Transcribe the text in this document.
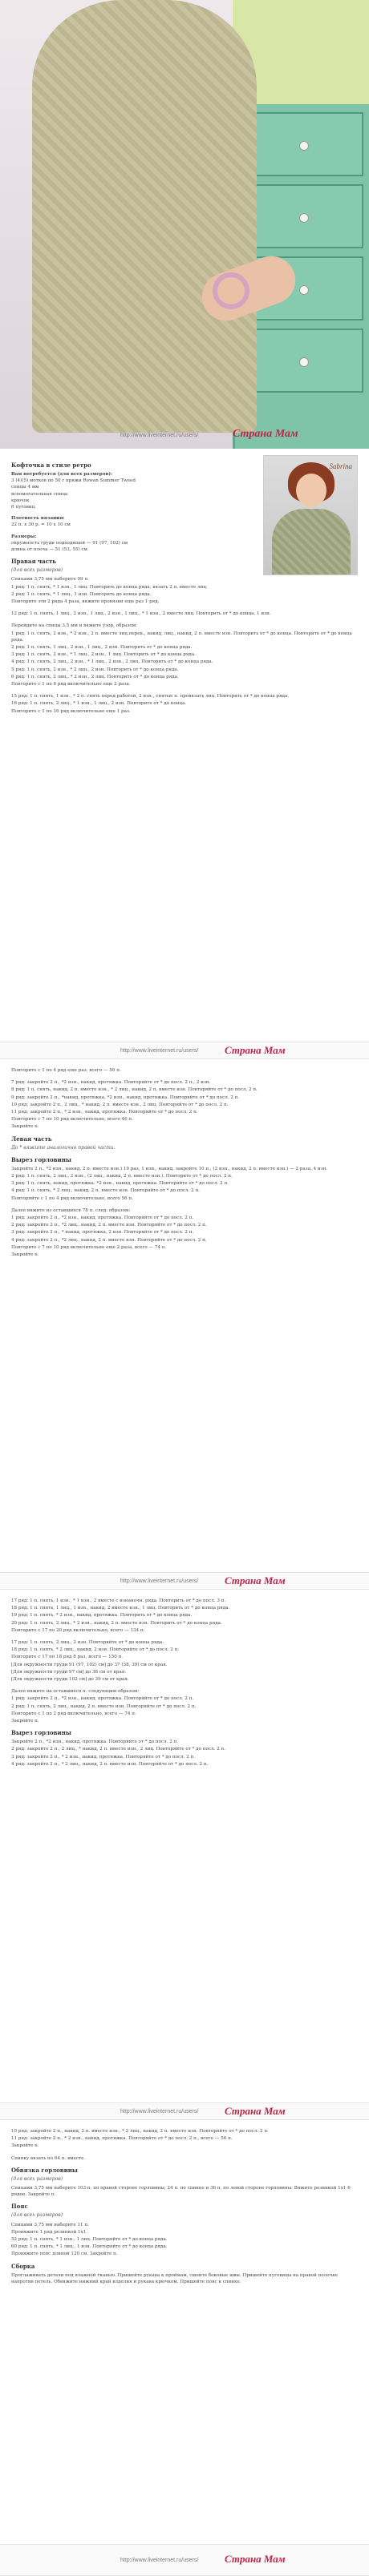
http://www.liveinternet.ru/users/	Страна Мам
Sabrina
Кофточка в стиле ретро

Вам потребуется (для всех размеров):

3 (4)(5) мотков по 50 г пряжи Rowan Summer Tweed

спицы 4 мм

вспомогательная спица

крючок

6 пуговиц.

Плотность вязания:

22 п. x 30 р. = 10 x 10 см

Размеры:

окружность груди подходящей — 91 (97, 102) см

длина от плеча — 51 (53, 55) см

Правая часть

(для всех размеров)

Спицами 3,75 мм наберите 99 п.

1 ряд: 1 п. снять, * 1 изн., 1 лиц. Повторить до конца ряда, вязать 2 п. вместе лиц.

2 ряд: 1 п. снять, * 1 лиц., 1 изн. Повторить до конца ряда.

Повторите эти 2 ряда 4 раза, вяжите провязки еще раз 1 ряд.

12 ряд: 1 п. снять, 1 лиц., 2 изн., 1 лиц., 2 изн., 1 лиц., * 1 изн., 2 вместе лиц. Повторить от * до конца, 1 изн.

Перейдите на спицы 3,5 мм и вяжите узор, образом:

1 ряд: 1 п. снять, 2 изн., * 2 изн., 2 п. вместе лиц.перек., накид, лиц., накид, 2 п. вместе изн. Повторить от * до конца. Повторите от * до конца ряда.

2 ряд: 1 п. снять, 1 лиц., 2 изн., 1 лиц., 2 изн. Повторить от * до конца ряда.

3 ряд: 1 п. снять, 2 изн., * 1 лиц., 2 изн., 1 лиц. Повторить от * до конца ряда.

4 ряд: 1 п. снять, 2 лиц., 2 изн., * 1 лиц., 2 изн., 2 лиц. Повторить от * до конца ряда.

5 ряд: 1 п. снять, 2 изн., * 2 лиц., 2 изн. Повторить от * до конца ряда.

6 ряд: 1 п. снять, 2 лиц., * 2 изн., 2 лиц. Повторить от * до конца ряда.

Повторите с 1 по 6 ряд включительно еще 2 раза.

15 ряд: 1 п. снять, 1 изн., * 2 п. снять перед работой, 2 изн., снятые п. провязать лиц. Повторить от * до конца ряда.

16 ряд: 1 п. снять, 2 лиц., * 1 изн., 1 лиц., 2 изн. Повторите от * до конца.

Повторите с 1 по 16 ряд включительно еще 1 раз.

http://www.liveinternet.ru/users/	Страна Мам

Повторите с 1 по 4 ряд еще раз, всего — 56 п.

7 ряд: закройте 2 п., *2 изн., накид, протяжка. Повторяйте от * до посл. 2 п., 2 изн.

8 ряд: 1 п. снять, накид, 2 п. вместе изн., * 2 лиц., накид, 2 п. вместе изн. Повторяйте от * до посл. 2 п.

9 ряд: закройте 2 п., *накид, протяжка, *2 изн., накид, протяжка. Повторяйте от * до посл. 2 п.

10 ряд: закройте 2 п., 2 лиц., * накид, 2 п. вместе изн., 2 лиц. Повторяйте от * до посл. 2 п.

11 ряд: закройте 2 п., * 2 изн., накид, протяжка. Повторяйте от * до посл. 2 п.

Повторите с 7 по 10 ряд включительно, всего 46 п.

Закройте п.

Левая часть

До * вяжите аналогично правой части.

Вырез горловины

Закройте 2 п., *2 изн., накид, 2 п. вместе изн.) 19 раз, 1 изн., накид, закройте 10 п., (2 изн., накид, 2 п. вместе изн.) — 2 раза, 4 изн.

2 ряд: 1 п. снять, 2 лиц., 2 изн., (2 лиц., накид, 2 п. вместе изн.). Повторите от * до посл. 2 п.

3 ряд: 1 п. снять, накид, протяжка. *2 изн., накид, протяжка. Повторяйте от * до посл. 2 п.

4 ряд: 1 п. снять, * 2 лиц., накид, 2 п. вместе изн. Повторяйте от * до посл. 2 п.

Повторяйте с 1 по 4 ряд включительно, всего 56 п.

Далее вяжите из оставшихся 78 п. след. образом:

1 ряд: закройте 2 п., *2 изн., накид, протяжка. Повторяйте от * до посл. 2 п.

2 ряд: закройте 2 п., *2 лиц., накид, 2 п. вместе изн. Повторяйте от * до посл. 2 п.

3 ряд: закройте 2 п., * накид, протяжка, 2 изн. Повторяйте от * до посл. 2 п.

4 ряд: закройте 2 п., *2 лиц., накид, 2 п. вместе изн. Повторяйте от * до посл. 2 п.

Повторите с 7 по 10 ряд включительно еще 2 раза, всего — 74 п.

Закройте п.

http://www.liveinternet.ru/users/	Страна Мам

17 ряд: 1 п. снять, 1 изн., * 1 изн., 2 вместе с изнаночн. ряда. Повторить от * до посл. 3 п.

18 ряд: 1 п. снять, 1 лиц., 1 изн., накид, 2 вместе изн., 1 лиц. Повторить от * до конца ряда.

19 ряд: 1 п. снять, * 2 изн., накид, протяжка. Повторить от * до конца ряда.

20 ряд: 1 п. снять, 2 лиц., * 2 изн., накид, 2 п. вместе изн. Повторить от * до конца ряда.

Повторите с 17 по 20 ряд включительно, всего — 134 п.

17 ряд: 1 п. снять, 2 лиц., 2 изн. Повторяйте от * до конца ряда.

18 ряд: 1 п. снять, * 2 лиц., накид. 2 изн. Повторяйте от * до посл. 2 п.

Повторите с 17 по 18 ряд 8 раз, всего — 150 п.

[Для окружности груди 91 (97, 102) см] до 37 (38, 39) см от края.

[Для окружности груди 97 см] до 38 см от края.

[Для окружности груди 102 см] до 39 см от края.

Далее вяжите на оставшихся п. следующим образом:

1 ряд: закройте 2 п., *2 изн., накид, протяжка. Повторяйте от * до посл. 2 п.

2 ряд: 1 п. снять, 2 лиц., накид, 2 п. вместе изн. Повторяйте от * до посл. 2 п.

Повторите с 1 по 2 ряд включительно, всего — 74 п.

Закройте п.

Вырез горловины

Закройте 2 п., *2 изн., накид, протяжка. Повторяйте от * до посл. 2 п.

2 ряд: закройте 2 п., 2 лиц., * накид, 2 п. вместе изн., 2 лиц. Повторяйте от * до посл. 2 п.

3 ряд: закройте 2 п., * 2 изн., накид, протяжка. Повторяйте от * до посл. 2 п.

4 ряд: закройте 2 п., * 2 лиц., накид, 2 п. вместе изн. Повторяйте от * до посл. 2 п.

http://www.liveinternet.ru/users/	Страна Мам

10 ряд: закройте 2 п., накид, 2 п. вместе изн., * 2 лиц., накид, 2 п. вместе изн. Повторяйте от * до посл. 2 п.

11 ряд: закройте 2 п., * 2 изн., накид, протяжка. Повторяйте от * до посл. 2 п., всего — 56 п.

Закройте п.

Спинку вязать по 64 п. вместе.

Обвязка горловины

(для всех размеров)

Спицами 3,75 мм наберите 103 п. по правой стороне горловины, 24 п. по спинке и 36 п. по левой стороне горловины. Вяжите резинкой 1x1 6 рядов. Закройте п.

Пояс

(для всех размеров)

Спицами 3,75 мм наберите 11 п.

Провяжите 1 ряд резинкой 1x1.

52 ряд: 1 п. снять, * 1 изн., 1 лиц. Повторяйте от * до конца ряда.

60 ряд: 1 п. снять, * 1 лиц., 1 изн. Повторяйте от * до конца ряда.

Провяжите пояс длиной 120 см. Закройте п.

Сборка

Проглаживать детали под влажной тканью. Пришейте рукава к проймам, сшейте боковые швы. Пришейте пуговицы на правой полочке напротив петель. Обвяжите нижний край изделия и рукава крючком. Пришейте пояс к спинке.

http://www.liveinternet.ru/users/	Страна Мам
